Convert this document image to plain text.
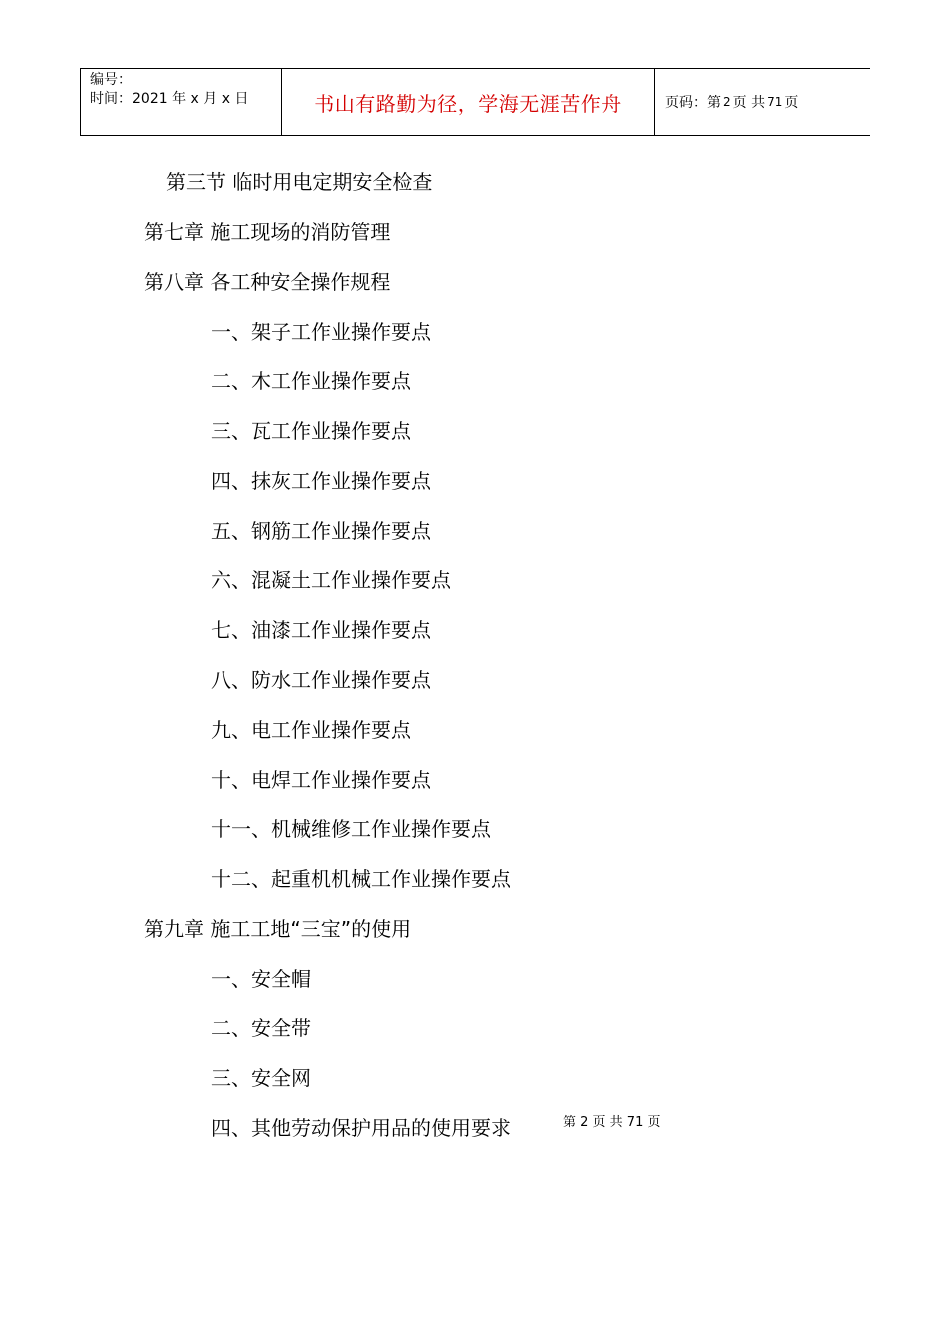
编号：
时间：2021 年 x 月 x 日	书山有路勤为径，学海无涯苦作舟	页码：第 2 页 共 71 页
第三节 临时用电定期安全检查
第七章 施工现场的消防管理
第八章 各工种安全操作规程
一、架子工作业操作要点
二、木工作业操作要点
三、瓦工作业操作要点
四、抹灰工作业操作要点
五、钢筋工作业操作要点
六、混凝土工作业操作要点
七、油漆工作业操作要点
八、防水工作业操作要点
九、电工作业操作要点
十、电焊工作业操作要点
十一、机械维修工作业操作要点
十二、起重机机械工作业操作要点
第九章 施工工地“三宝”的使用
一、安全帽
二、安全带
三、安全网
四、其他劳动保护用品的使用要求	第 2 页 共 71 页
